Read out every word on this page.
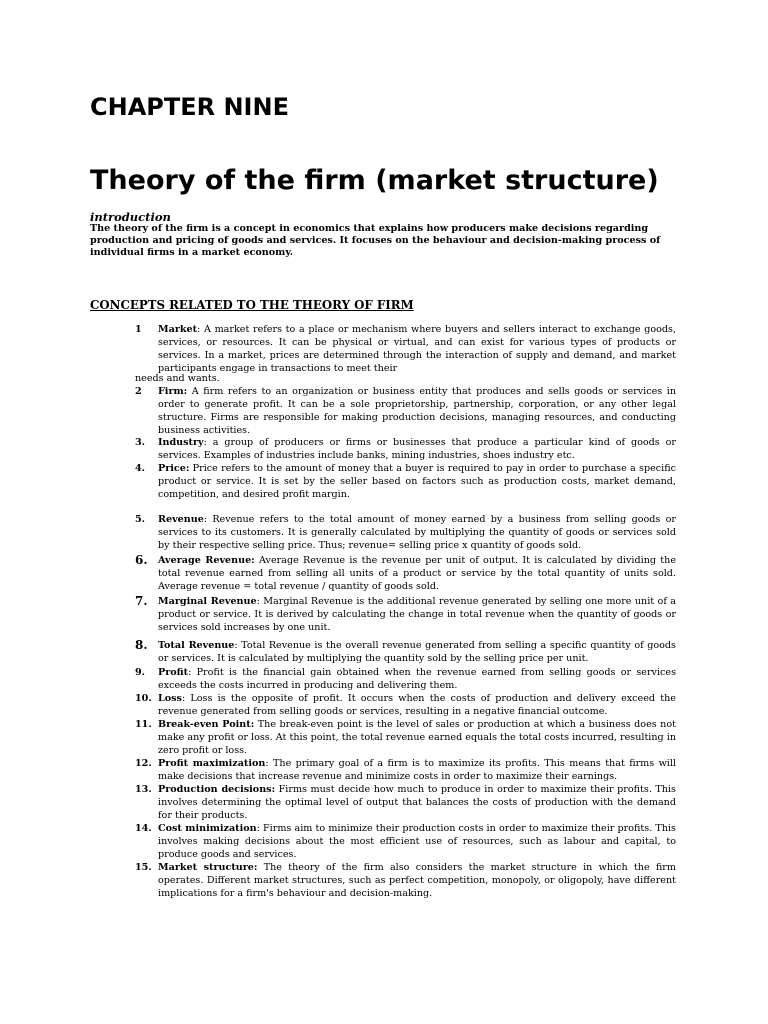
CHAPTER NINE
Theory of the firm (market structure)
introduction

The theory of the firm is a concept in economics that explains how producers make decisions regarding production and pricing of goods and services. It focuses on the behaviour and decision-making process of individual firms in a market economy.

CONCEPTS RELATED TO THE THEORY OF FIRM
1 Market: A market refers to a place or mechanism where buyers and sellers interact to exchange goods, services, or resources. It can be physical or virtual, and can exist for various types of products or services. In a market, prices are determined through the interaction of supply and demand, and market participants engage in transactions to meet their
needs and wants.
2 Firm: A firm refers to an organization or business entity that produces and sells goods or services in order to generate profit. It can be a sole proprietorship, partnership, corporation, or any other legal structure. Firms are responsible for making production decisions, managing resources, and conducting business activities.
3. Industry: a group of producers or firms or businesses that produce a particular kind of goods or services. Examples of industries include banks, mining industries, shoes industry etc.
4. Price: Price refers to the amount of money that a buyer is required to pay in order to purchase a specific product or service. It is set by the seller based on factors such as production costs, market demand, competition, and desired profit margin.
5. Revenue: Revenue refers to the total amount of money earned by a business from selling goods or services to its customers. It is generally calculated by multiplying the quantity of goods or services sold by their respective selling price. Thus; revenue= selling price x quantity of goods sold.
6. Average Revenue: Average Revenue is the revenue per unit of output. It is calculated by dividing the total revenue earned from selling all units of a product or service by the total quantity of units sold. Average revenue = total revenue / quantity of goods sold.
7. Marginal Revenue: Marginal Revenue is the additional revenue generated by selling one more unit of a product or service. It is derived by calculating the change in total revenue when the quantity of goods or services sold increases by one unit.
8. Total Revenue: Total Revenue is the overall revenue generated from selling a specific quantity of goods or services. It is calculated by multiplying the quantity sold by the selling price per unit.
9. Profit: Profit is the financial gain obtained when the revenue earned from selling goods or services exceeds the costs incurred in producing and delivering them.
10. Loss: Loss is the opposite of profit. It occurs when the costs of production and delivery exceed the revenue generated from selling goods or services, resulting in a negative financial outcome.
11. Break-even Point: The break-even point is the level of sales or production at which a business does not make any profit or loss. At this point, the total revenue earned equals the total costs incurred, resulting in zero profit or loss.
12. Profit maximization: The primary goal of a firm is to maximize its profits. This means that firms will make decisions that increase revenue and minimize costs in order to maximize their earnings.
13. Production decisions: Firms must decide how much to produce in order to maximize their profits. This involves determining the optimal level of output that balances the costs of production with the demand for their products.
14. Cost minimization: Firms aim to minimize their production costs in order to maximize their profits. This involves making decisions about the most efficient use of resources, such as labour and capital, to produce goods and services.
15. Market structure: The theory of the firm also considers the market structure in which the firm operates. Different market structures, such as perfect competition, monopoly, or oligopoly, have different implications for a firm's behaviour and decision-making.
